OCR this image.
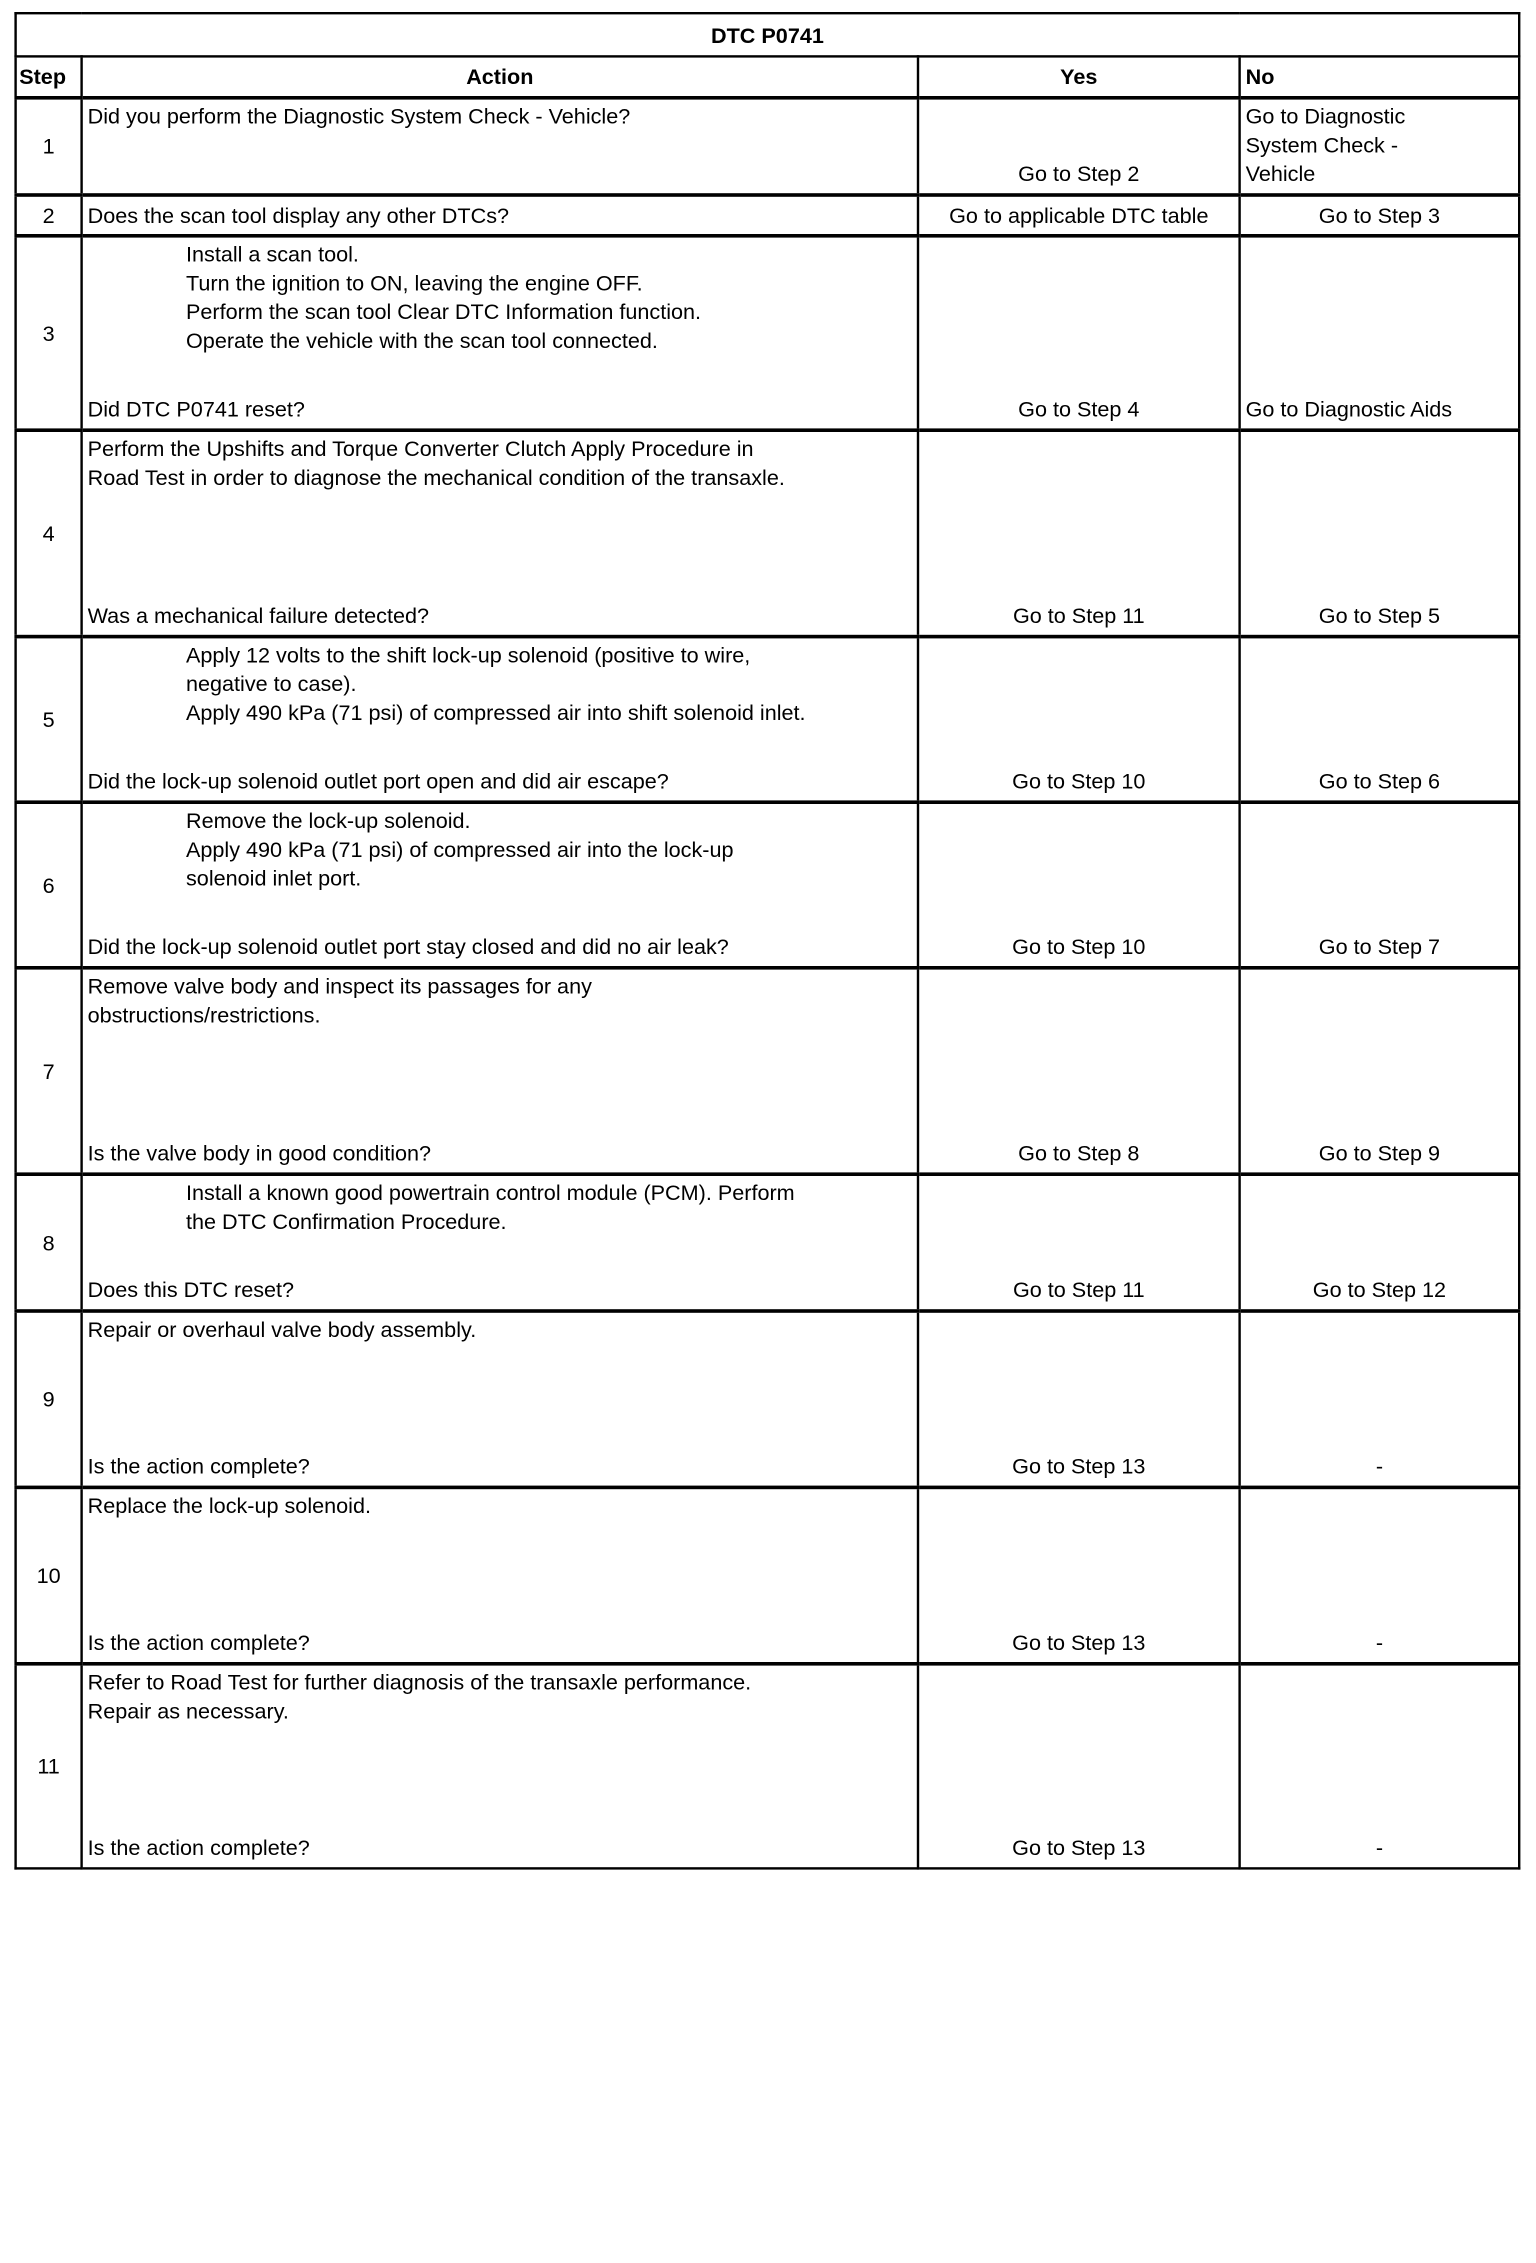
DTC P0741			
Step	Action	Yes	No
1	Did you perform the Diagnostic System Check - Vehicle?	Go to Step 2	Go to Diagnostic
System Check -
Vehicle
2	Does the scan tool display any other DTCs?	Go to applicable DTC table	Go to Step 3
3	Install a scan tool.
Turn the ignition to ON, leaving the engine OFF.
Perform the scan tool Clear DTC Information function.
Operate the vehicle with the scan tool connected.
Did DTC P0741 reset?	Go to Step 4	Go to Diagnostic Aids
4	Perform the Upshifts and Torque Converter Clutch Apply Procedure in
Road Test in order to diagnose the mechanical condition of the transaxle.
Was a mechanical failure detected?	Go to Step 11	Go to Step 5
5	Apply 12 volts to the shift lock-up solenoid (positive to wire,
negative to case).
Apply 490 kPa (71 psi) of compressed air into shift solenoid inlet.
Did the lock-up solenoid outlet port open and did air escape?	Go to Step 10	Go to Step 6
6	Remove the lock-up solenoid.
Apply 490 kPa (71 psi) of compressed air into the lock-up
solenoid inlet port.
Did the lock-up solenoid outlet port stay closed and did no air leak?	Go to Step 10	Go to Step 7
7	Remove valve body and inspect its passages for any
obstructions/restrictions.
Is the valve body in good condition?	Go to Step 8	Go to Step 9
8	Install a known good powertrain control module (PCM). Perform
the DTC Confirmation Procedure.
Does this DTC reset?	Go to Step 11	Go to Step 12
9	Repair or overhaul valve body assembly.
Is the action complete?	Go to Step 13	-
10	Replace the lock-up solenoid.
Is the action complete?	Go to Step 13	-
11	Refer to Road Test for further diagnosis of the transaxle performance.
Repair as necessary.
Is the action complete?	Go to Step 13	-
